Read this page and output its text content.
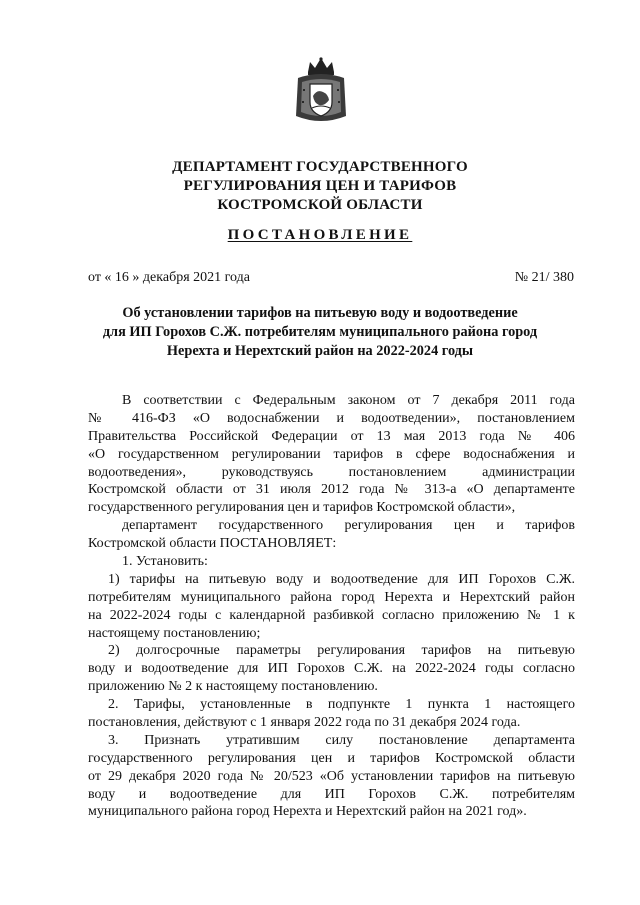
ДЕПАРТАМЕНТ ГОСУДАРСТВЕННОГО
РЕГУЛИРОВАНИЯ ЦЕН И ТАРИФОВ
КОСТРОМСКОЙ ОБЛАСТИ
ПОСТАНОВЛЕНИЕ
от « 16 » декабря 2021 года	№ 21/ 380
Об установлении тарифов на питьевую воду и водоотведение
для ИП Горохов С.Ж. потребителям муниципального района город
Нерехта и Нерехтский район на 2022-2024 годы
В соответствии с Федеральным законом от 7 декабря 2011 года
№ 416-ФЗ «О водоснабжении и водоотведении», постановлением
Правительства Российской Федерации от 13 мая 2013 года № 406
«О государственном регулировании тарифов в сфере водоснабжения и
водоотведения», руководствуясь постановлением администрации
Костромской области от 31 июля 2012 года № 313-а «О департаменте
государственного регулирования цен и тарифов Костромской области»,
департамент государственного регулирования цен и тарифов
Костромской области ПОСТАНОВЛЯЕТ:
1. Установить:
1) тарифы на питьевую воду и водоотведение для ИП Горохов С.Ж.
потребителям муниципального района город Нерехта и Нерехтский район
на 2022-2024 годы с календарной разбивкой согласно приложению № 1 к
настоящему постановлению;
2) долгосрочные параметры регулирования тарифов на питьевую
воду и водоотведение для ИП Горохов С.Ж. на 2022-2024 годы согласно
приложению № 2 к настоящему постановлению.
2. Тарифы, установленные в подпункте 1 пункта 1 настоящего
постановления, действуют с 1 января 2022 года по 31 декабря 2024 года.
3. Признать утратившим силу постановление департамента
государственного регулирования цен и тарифов Костромской области
от 29 декабря 2020 года № 20/523 «Об установлении тарифов на питьевую
воду и водоотведение для ИП Горохов С.Ж. потребителям
муниципального района город Нерехта и Нерехтский район на 2021 год».
